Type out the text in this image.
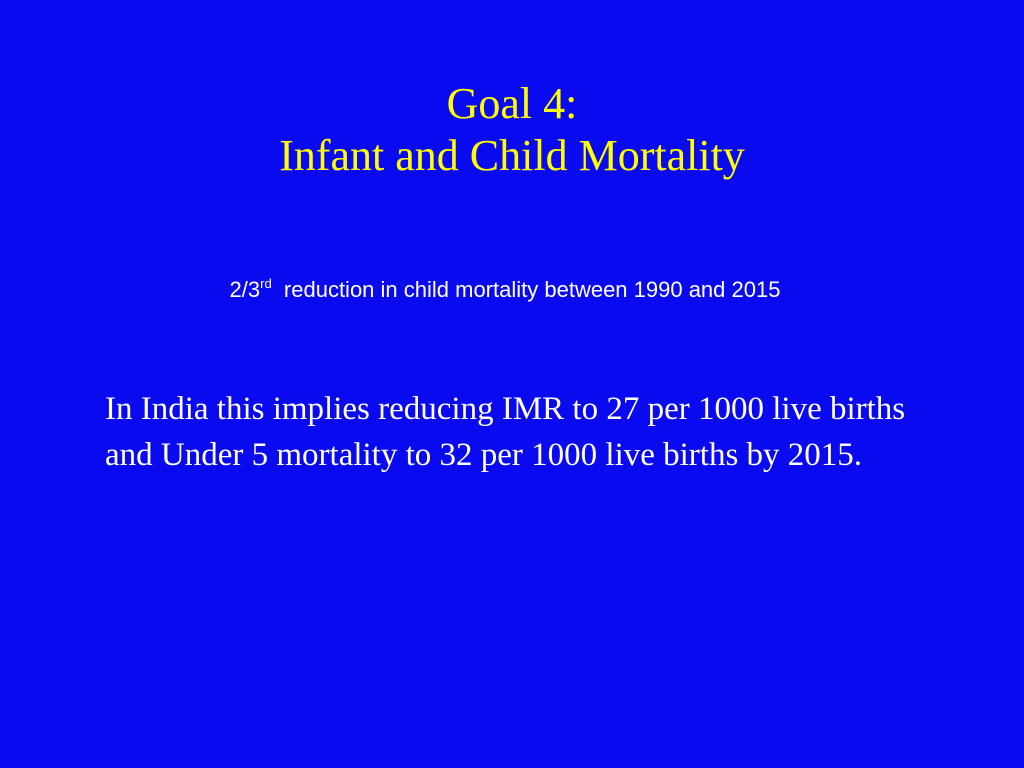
Goal 4:
Infant and Child Mortality
2/3rd  reduction in child mortality between 1990 and 2015
In India this implies reducing IMR to 27 per 1000 live births and Under 5 mortality to 32 per 1000 live births by 2015.
